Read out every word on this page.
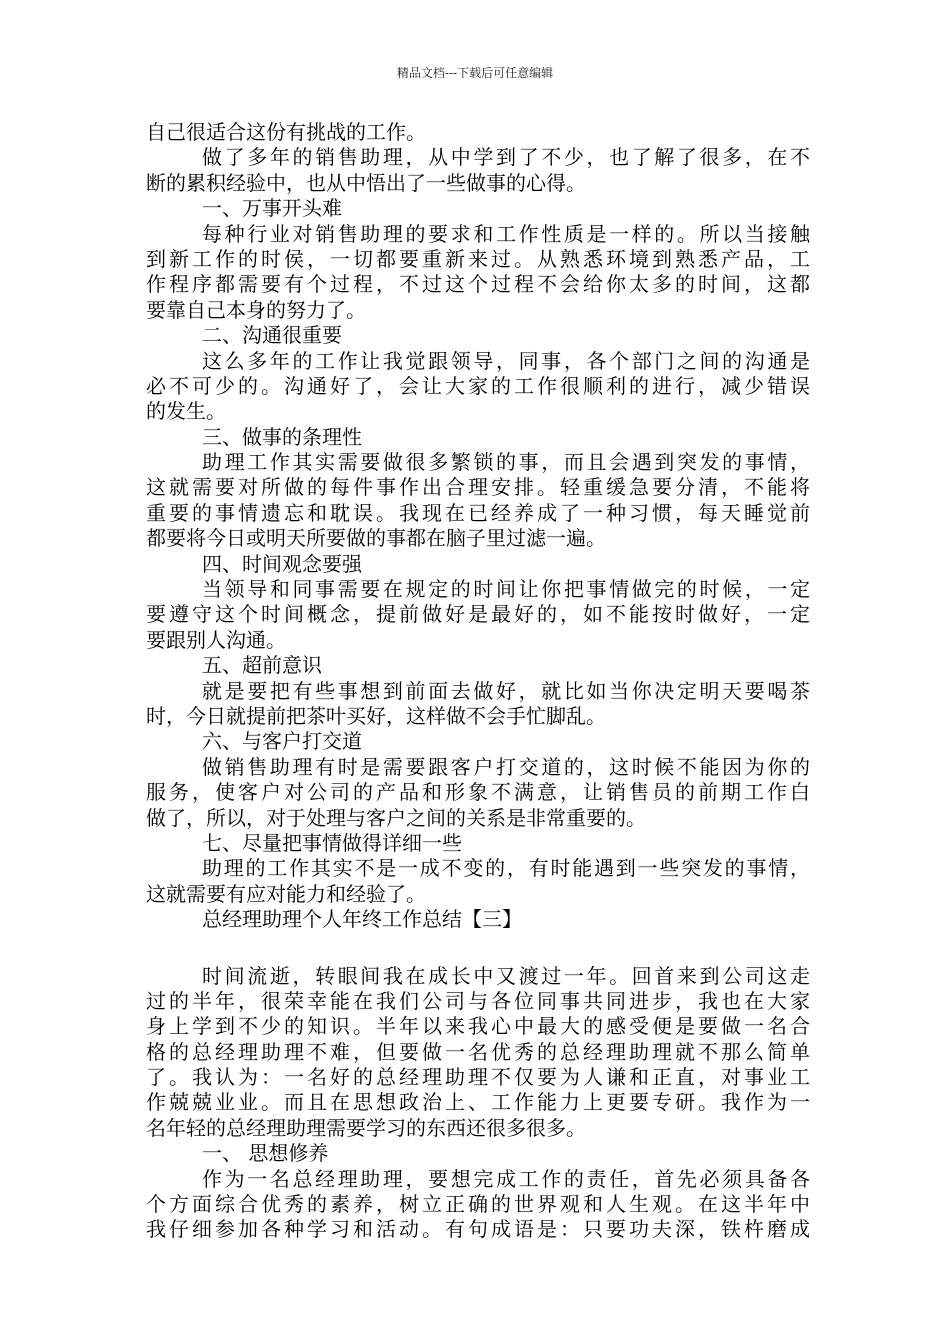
精品文档---下载后可任意编辑
自己很适合这份有挑战的工作。
做了多年的销售助理，从中学到了不少，也了解了很多，在不
断的累积经验中，也从中悟出了一些做事的心得。
一、万事开头难
每种行业对销售助理的要求和工作性质是一样的。所以当接触
到新工作的时侯，一切都要重新来过。从熟悉环境到熟悉产品，工
作程序都需要有个过程，不过这个过程不会给你太多的时间，这都
要靠自己本身的努力了。
二、沟通很重要
这么多年的工作让我觉跟领导，同事，各个部门之间的沟通是
必不可少的。沟通好了，会让大家的工作很顺利的进行，减少错误
的发生。
三、做事的条理性
助理工作其实需要做很多繁锁的事，而且会遇到突发的事情，
这就需要对所做的每件事作出合理安排。轻重缓急要分清，不能将
重要的事情遗忘和耽误。我现在已经养成了一种习惯，每天睡觉前
都要将今日或明天所要做的事都在脑子里过滤一遍。
四、时间观念要强
当领导和同事需要在规定的时间让你把事情做完的时候，一定
要遵守这个时间概念，提前做好是最好的，如不能按时做好，一定
要跟别人沟通。
五、超前意识
就是要把有些事想到前面去做好，就比如当你决定明天要喝茶
时，今日就提前把茶叶买好，这样做不会手忙脚乱。
六、与客户打交道
做销售助理有时是需要跟客户打交道的，这时候不能因为你的
服务，使客户对公司的产品和形象不满意，让销售员的前期工作白
做了，所以，对于处理与客户之间的关系是非常重要的。
七、尽量把事情做得详细一些
助理的工作其实不是一成不变的，有时能遇到一些突发的事情，
这就需要有应对能力和经验了。
总经理助理个人年终工作总结【三】
时间流逝，转眼间我在成长中又渡过一年。回首来到公司这走
过的半年，很荣幸能在我们公司与各位同事共同进步，我也在大家
身上学到不少的知识。半年以来我心中最大的感受便是要做一名合
格的总经理助理不难，但要做一名优秀的总经理助理就不那么简单
了。我认为：一名好的总经理助理不仅要为人谦和正直，对事业工
作兢兢业业。而且在思想政治上、工作能力上更要专研。我作为一
名年轻的总经理助理需要学习的东西还很多很多。
一、 思想修养
作为一名总经理助理，要想完成工作的责任，首先必须具备各
个方面综合优秀的素养，树立正确的世界观和人生观。在这半年中
我仔细参加各种学习和活动。有句成语是：只要功夫深，铁杵磨成
